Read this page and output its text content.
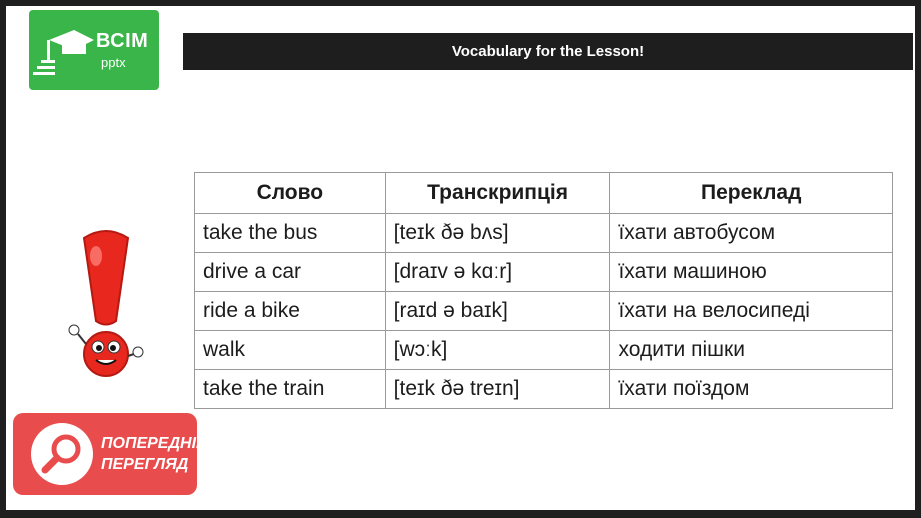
ВСІМ
pptx
Vocabulary for the Lesson!
Слово	Транскрипція	Переклад
take the bus	[teɪk ðə bʌs]	їхати автобусом
drive a car	[draɪv ə kɑːr]	їхати машиною
ride a bike	[raɪd ə baɪk]	їхати на велосипеді
walk	[wɔːk]	ходити пішки
take the train	[teɪk ðə treɪn]	їхати поїздом
ПОПЕРЕДНІЙ
ПЕРЕГЛЯД
